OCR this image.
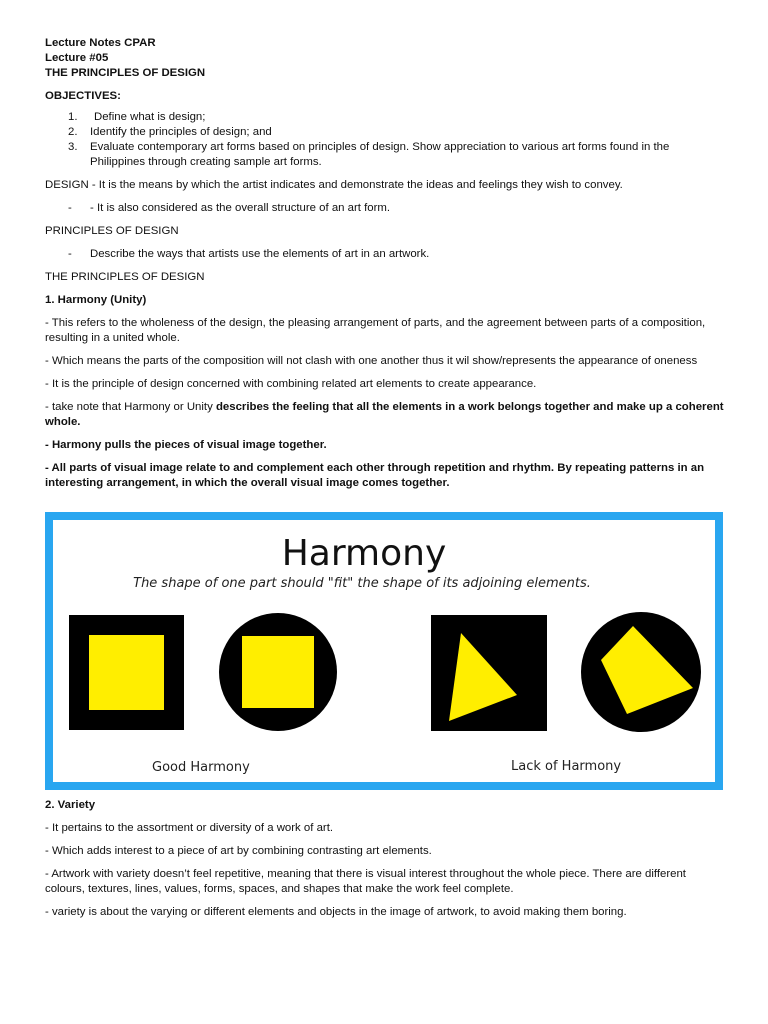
Lecture Notes CPAR

Lecture #05

THE PRINCIPLES OF DESIGN

OBJECTIVES:

1. Define what is design;
2. Identify the principles of design; and
3. Evaluate contemporary art forms based on principles of design. Show appreciation to various art forms found in the Philippines through creating sample art forms.

DESIGN - It is the means by which the artist indicates and demonstrate the ideas and feelings they wish to convey.

- - It is also considered as the overall structure of an art form.

PRINCIPLES OF DESIGN

- Describe the ways that artists use the elements of art in an artwork.

THE PRINCIPLES OF DESIGN

1. Harmony (Unity)

- This refers to the wholeness of the design, the pleasing arrangement of parts, and the agreement between parts of a composition, resulting in a united whole.

- Which means the parts of the composition will not clash with one another thus it wil show/represents the appearance of oneness

- It is the principle of design concerned with combining related art elements to create appearance.

- take note that Harmony or Unity describes the feeling that all the elements in a work belongs together and make up a coherent whole.

- Harmony pulls the pieces of visual image together.

- All parts of visual image relate to and complement each other through repetition and rhythm. By repeating patterns in an interesting arrangement, in which the overall visual image comes together.

Harmony
The shape of one part should "fit" the shape of its adjoining elements.
Good Harmony	Lack of Harmony

2. Variety

- It pertains to the assortment or diversity of a work of art.

- Which adds interest to a piece of art by combining contrasting art elements.

- Artwork with variety doesn’t feel repetitive, meaning that there is visual interest throughout the whole piece. There are different colours, textures, lines, values, forms, spaces, and shapes that make the work feel complete.

- variety is about the varying or different elements and objects in the image of artwork, to avoid making them boring.
